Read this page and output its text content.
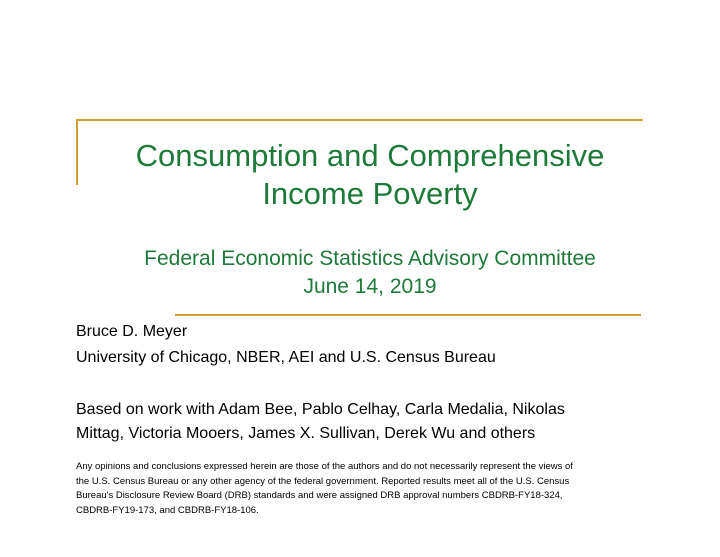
Consumption and Comprehensive
Income Poverty
Federal Economic Statistics Advisory Committee
June 14, 2019
Bruce D. Meyer
University of Chicago, NBER, AEI and U.S. Census Bureau
Based on work with Adam Bee, Pablo Celhay, Carla Medalia, Nikolas
Mittag, Victoria Mooers, James X. Sullivan, Derek Wu and others
Any opinions and conclusions expressed herein are those of the authors and do not necessarily represent the views of
the U.S. Census Bureau or any other agency of the federal government. Reported results meet all of the U.S. Census
Bureau's Disclosure Review Board (DRB) standards and were assigned DRB approval numbers CBDRB-FY18-324,
CBDRB-FY19-173, and CBDRB-FY18-106.
